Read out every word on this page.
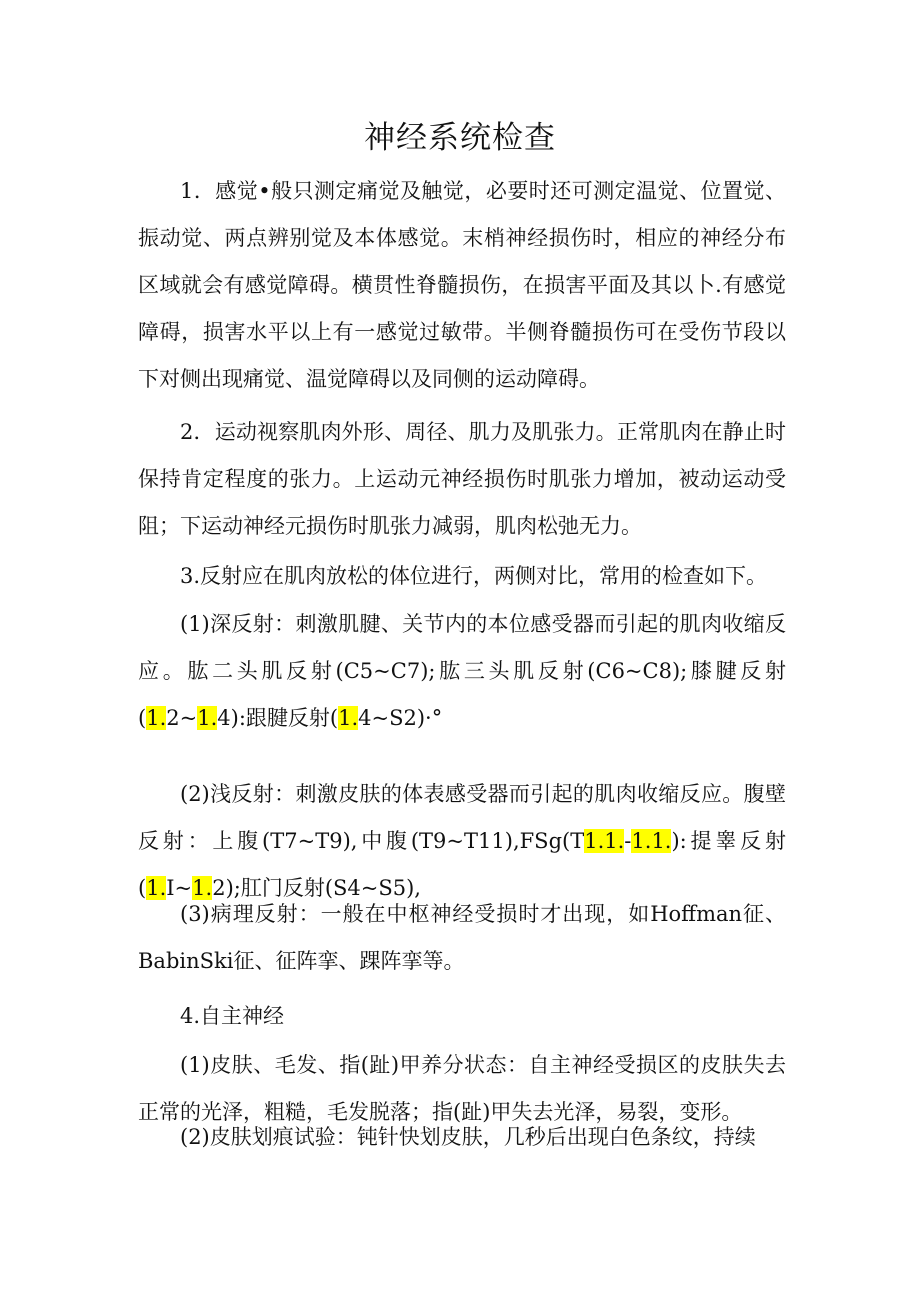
神经系统检查

1．感觉•般只测定痛觉及触觉，必要时还可测定温觉、位置觉、振动觉、两点辨别觉及本体感觉。末梢神经损伤时，相应的神经分布区域就会有感觉障碍。横贯性脊髓损伤，在损害平面及其以卜.有感觉障碍，损害水平以上有一感觉过敏带。半侧脊髓损伤可在受伤节段以下对侧出现痛觉、温觉障碍以及同侧的运动障碍。

2．运动视察肌肉外形、周径、肌力及肌张力。正常肌肉在静止时保持肯定程度的张力。上运动元神经损伤时肌张力增加，被动运动受阻；下运动神经元损伤时肌张力减弱，肌肉松弛无力。

3.反射应在肌肉放松的体位进行，两侧对比，常用的检查如下。

(1)深反射：刺激肌腱、关节内的本位感受器而引起的肌肉收缩反应。肱二头肌反射(C5~C7);肱三头肌反射(C6~C8);膝腱反射(1.2~1.4):跟腱反射(1.4~S2)·°

(2)浅反射：刺激皮肤的体表感受器而引起的肌肉收缩反应。腹壁反射：上腹(T7~T9),中腹(T9~T11),FSg(T1.1.-1.1.):提睾反射(1.I~1.2);肛门反射(S4~S5),

(3)病理反射：一般在中枢神经受损时才出现，如Hoffman征、BabinSki征、征阵挛、踝阵挛等。

4.自主神经

(1)皮肤、毛发、指(趾)甲养分状态：自主神经受损区的皮肤失去正常的光泽，粗糙，毛发脱落；指(趾)甲失去光泽，易裂，变形。

(2)皮肤划痕试验：钝针快划皮肤，几秒后出现白色条纹，持续
